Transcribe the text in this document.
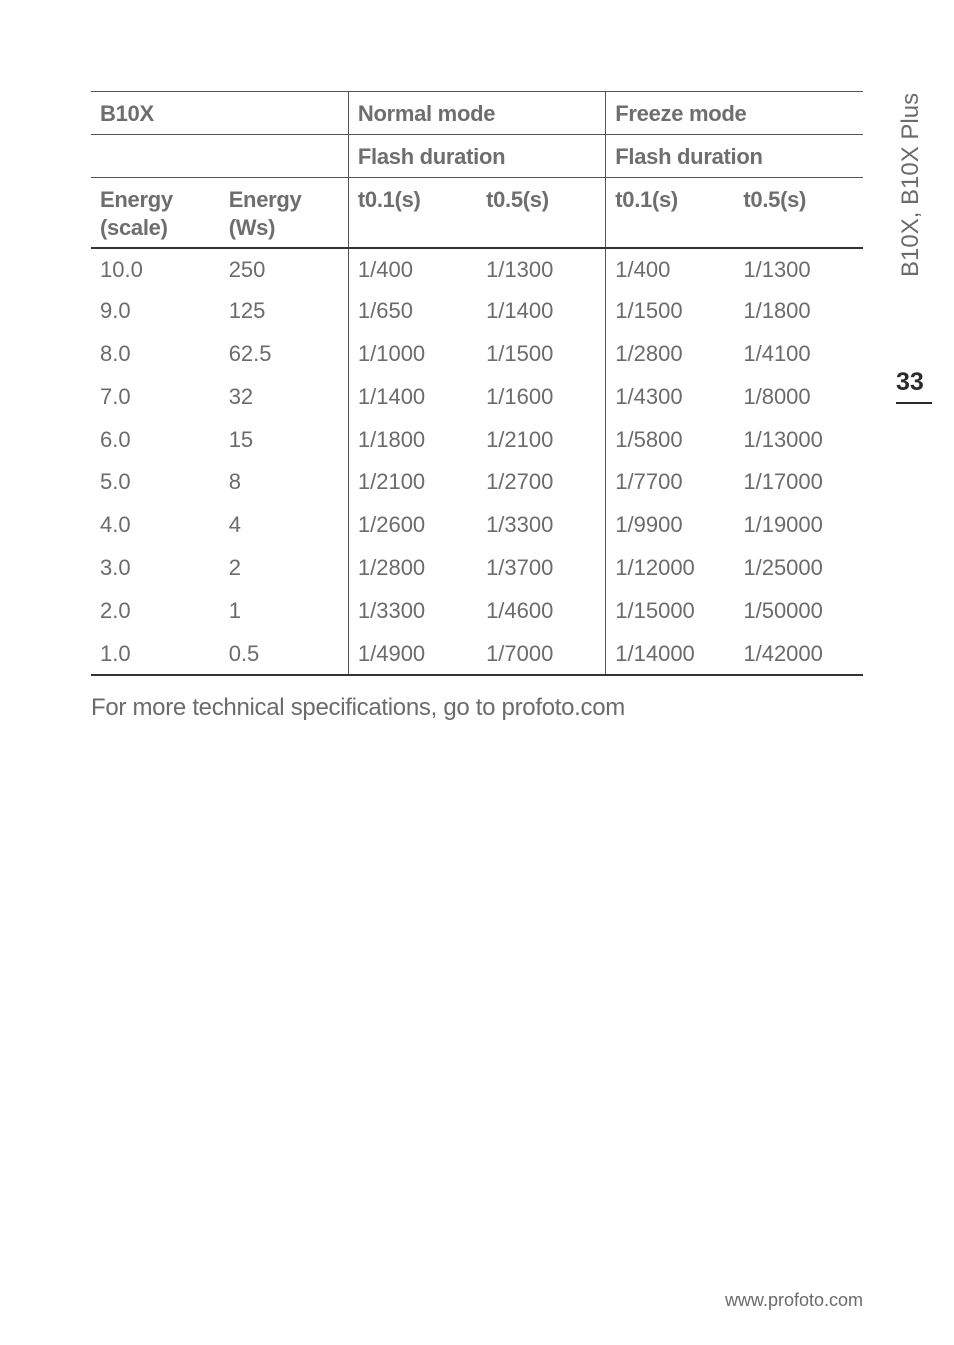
B10X		Normal mode		Freeze mode	
		Flash duration		Flash duration	
Energy (scale)	Energy (Ws)	t0.1(s)	t0.5(s)	t0.1(s)	t0.5(s)
10.0	250	1/400	1/1300	1/400	1/1300
9.0	125	1/650	1/1400	1/1500	1/1800
8.0	62.5	1/1000	1/1500	1/2800	1/4100
7.0	32	1/1400	1/1600	1/4300	1/8000
6.0	15	1/1800	1/2100	1/5800	1/13000
5.0	8	1/2100	1/2700	1/7700	1/17000
4.0	4	1/2600	1/3300	1/9900	1/19000
3.0	2	1/2800	1/3700	1/12000	1/25000
2.0	1	1/3300	1/4600	1/15000	1/50000
1.0	0.5	1/4900	1/7000	1/14000	1/42000
For more technical specifications, go to profoto.com
B10X, B10X Plus
33
www.profoto.com
